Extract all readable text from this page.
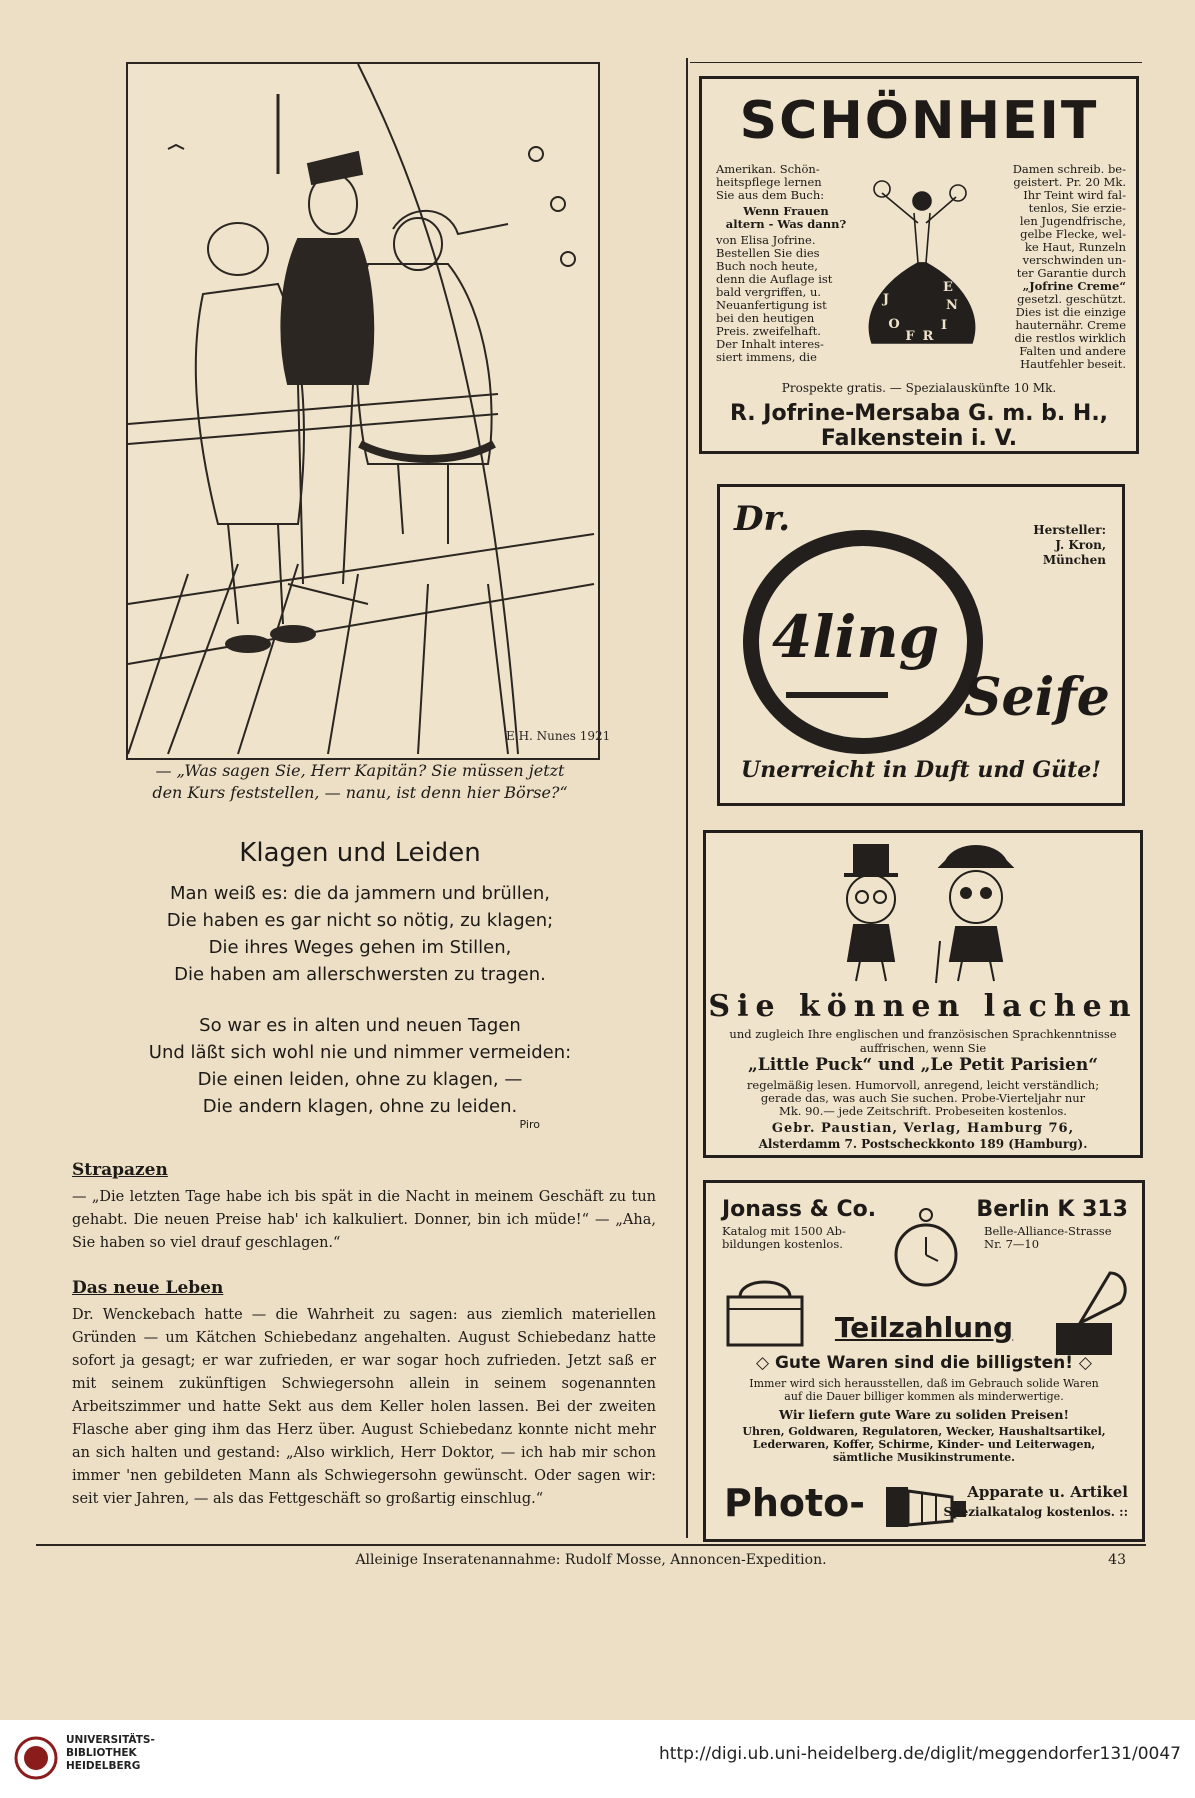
E.H. Nunes 1921
— „Was sagen Sie, Herr Kapitän? Sie müssen jetzt
den Kurs feststellen, — nanu, ist denn hier Börse?“
Klagen und Leiden
Man weiß es: die da jammern und brüllen,
Die haben es gar nicht so nötig, zu klagen;
Die ihres Weges gehen im Stillen,
Die haben am allerschwersten zu tragen.
So war es in alten und neuen Tagen
Und läßt sich wohl nie und nimmer vermeiden:
Die einen leiden, ohne zu klagen, —
Die andern klagen, ohne zu leiden.
Piro
Strapazen
— „Die letzten Tage habe ich bis spät in die Nacht in meinem Geschäft zu tun gehabt. Die neuen Preise hab' ich kalkuliert. Donner, bin ich müde!“ — „Aha, Sie haben so viel drauf geschlagen.“
Das neue Leben
Dr. Wenckebach hatte — die Wahrheit zu sagen: aus ziemlich materiellen Gründen — um Kätchen Schiebedanz angehalten. August Schiebedanz hatte sofort ja gesagt; er war zufrieden, er war sogar hoch zufrieden. Jetzt saß er mit seinem zukünftigen Schwiegersohn allein in seinem sogenannten Arbeitszimmer und hatte Sekt aus dem Keller holen lassen. Bei der zweiten Flasche aber ging ihm das Herz über. August Schiebedanz konnte nicht mehr an sich halten und gestand: „Also wirklich, Herr Doktor, — ich hab mir schon immer 'nen gebildeten Mann als Schwiegersohn gewünscht. Oder sagen wir: seit vier Jahren, — als das Fettgeschäft so großartig einschlug.“
SCHÖNHEIT
Amerikan. Schön-
heitspflege lernen
Sie aus dem Buch:
Wenn Frauen
altern - Was dann?
von Elisa Jofrine.
Bestellen Sie dies
Buch noch heute,
denn die Auflage ist
bald vergriffen, u.
Neuanfertigung ist
bei den heutigen
Preis. zweifelhaft.
Der Inhalt interes-
siert immens, die
J
O
F R
I
N
E
Damen schreib. be-
geistert. Pr. 20 Mk.
Ihr Teint wird fal-
tenlos, Sie erzie-
len Jugendfrische,
gelbe Flecke, wel-
ke Haut, Runzeln
verschwinden un-
ter Garantie durch
„Jofrine Creme“
gesetzl. geschützt.
Dies ist die einzige
hauternähr. Creme
die restlos wirklich
Falten und andere
Hautfehler beseit.
Prospekte gratis. — Spezialauskünfte 10 Mk.
R. Jofrine-Mersaba G. m. b. H., Falkenstein i. V.
Dr.	Hersteller:
J. Kron,
München
4ling
Seife
Unerreicht in Duft und Güte!
Sie können lachen
und zugleich Ihre englischen und französischen Sprachkenntnisse
auffrischen, wenn Sie
„Little Puck“ und „Le Petit Parisien“
regelmäßig lesen. Humorvoll, anregend, leicht verständlich;
gerade das, was auch Sie suchen. Probe-Vierteljahr nur
Mk. 90.— jede Zeitschrift. Probeseiten kostenlos.
Gebr. Paustian, Verlag, Hamburg 76,
Alsterdamm 7. Postscheckkonto 189 (Hamburg).
Jonass & Co.	Berlin K 313
Katalog mit 1500 Ab-
bildungen kostenlos.
Belle-Alliance-Strasse
Nr. 7—10
Teilzahlung
◇ Gute Waren sind die billigsten! ◇
Immer wird sich herausstellen, daß im Gebrauch solide Waren
auf die Dauer billiger kommen als minderwertige.
Wir liefern gute Ware zu soliden Preisen!
Uhren, Goldwaren, Regulatoren, Wecker, Haushaltsartikel,
Lederwaren, Koffer, Schirme, Kinder- und Leiterwagen,
sämtliche Musikinstrumente.
Photo-	Apparate u. Artikel
Spezialkatalog kostenlos. ::
Alleinige Inseratenannahme: Rudolf Mosse, Annoncen-Expedition.	43
UNIVERSITÄTS-
BIBLIOTHEK
HEIDELBERG
http://digi.ub.uni-heidelberg.de/diglit/meggendorfer131/0047
